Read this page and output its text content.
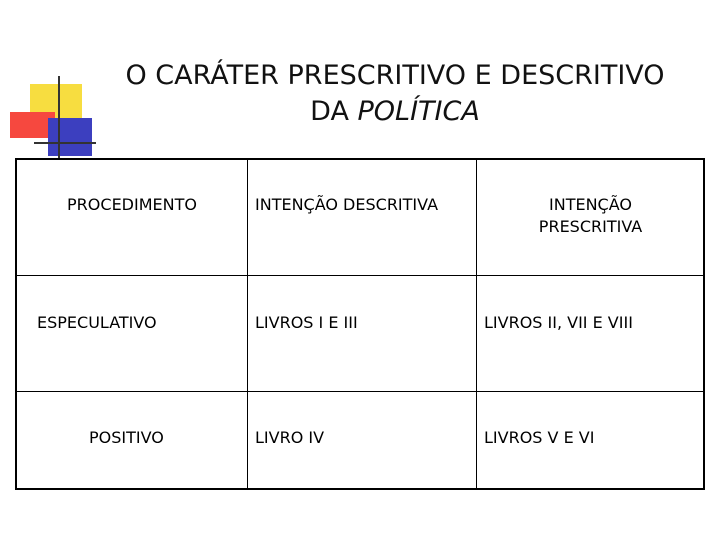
O CARÁTER PRESCRITIVO E DESCRITIVO
DA POLÍTICA
PROCEDIMENTO	INTENÇÃO DESCRITIVA	INTENÇÃO
PRESCRITIVA
ESPECULATIVO	LIVROS I E III	LIVROS II, VII E VIII
POSITIVO	LIVRO IV	LIVROS V E VI
